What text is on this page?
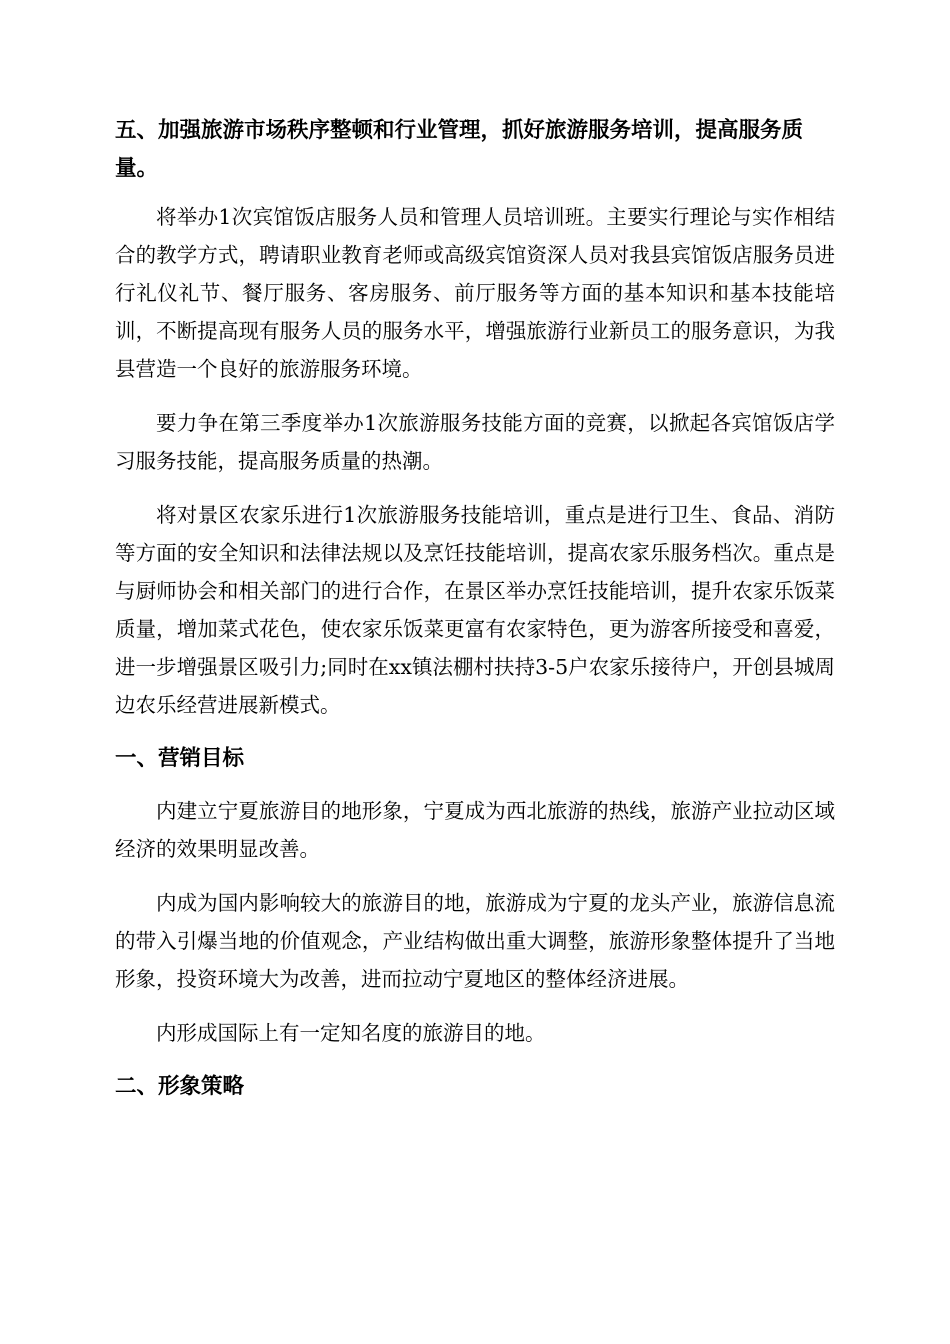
五、加强旅游市场秩序整顿和行业管理，抓好旅游服务培训，提高服务质量。

将举办1次宾馆饭店服务人员和管理人员培训班。主要实行理论与实作相结合的教学方式，聘请职业教育老师或高级宾馆资深人员对我县宾馆饭店服务员进行礼仪礼节、餐厅服务、客房服务、前厅服务等方面的基本知识和基本技能培训，不断提高现有服务人员的服务水平，增强旅游行业新员工的服务意识，为我县营造一个良好的旅游服务环境。

要力争在第三季度举办1次旅游服务技能方面的竞赛，以掀起各宾馆饭店学习服务技能，提高服务质量的热潮。

将对景区农家乐进行1次旅游服务技能培训，重点是进行卫生、食品、消防等方面的安全知识和法律法规以及烹饪技能培训，提高农家乐服务档次。重点是与厨师协会和相关部门的进行合作，在景区举办烹饪技能培训，提升农家乐饭菜质量，增加菜式花色，使农家乐饭菜更富有农家特色，更为游客所接受和喜爱，进一步增强景区吸引力;同时在xx镇法棚村扶持3-5户农家乐接待户，开创县城周边农乐经营进展新模式。

一、营销目标

内建立宁夏旅游目的地形象，宁夏成为西北旅游的热线，旅游产业拉动区域经济的效果明显改善。

内成为国内影响较大的旅游目的地，旅游成为宁夏的龙头产业，旅游信息流的带入引爆当地的价值观念，产业结构做出重大调整，旅游形象整体提升了当地形象，投资环境大为改善，进而拉动宁夏地区的整体经济进展。

内形成国际上有一定知名度的旅游目的地。

二、形象策略
